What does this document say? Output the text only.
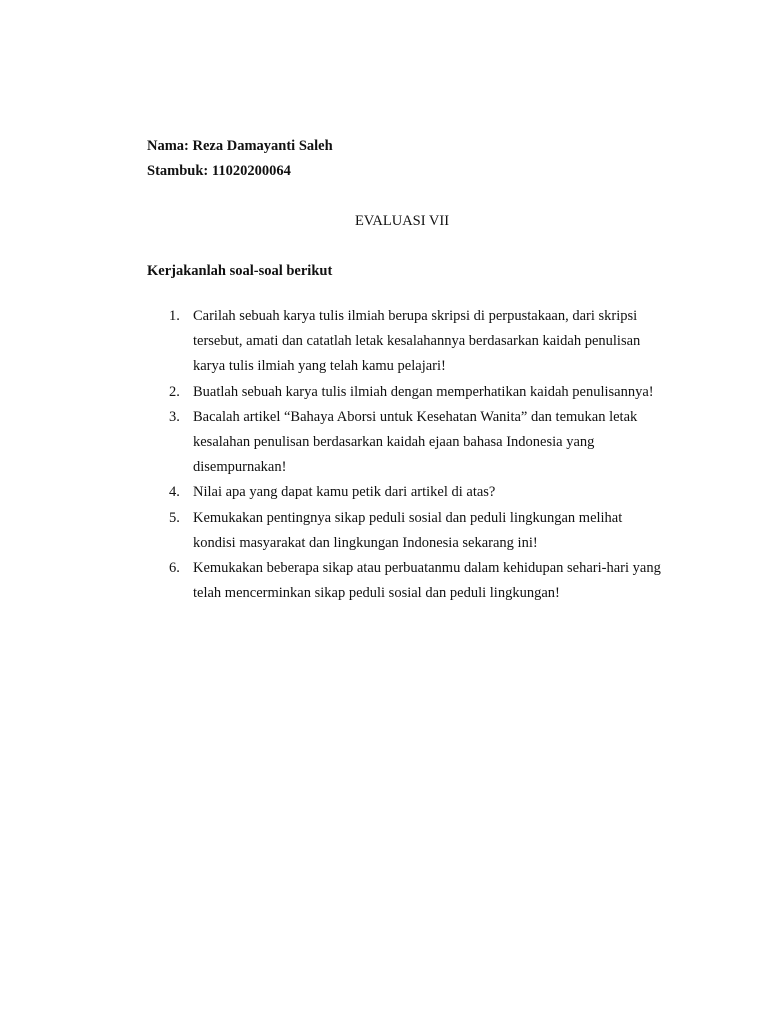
Nama: Reza Damayanti Saleh
Stambuk: 11020200064
EVALUASI VII
Kerjakanlah soal-soal berikut
1. Carilah sebuah karya tulis ilmiah berupa skripsi di perpustakaan, dari skripsi tersebut, amati dan catatlah letak kesalahannya berdasarkan kaidah penulisan karya tulis ilmiah yang telah kamu pelajari!
2. Buatlah sebuah karya tulis ilmiah dengan memperhatikan kaidah penulisannya!
3. Bacalah artikel “Bahaya Aborsi untuk Kesehatan Wanita” dan temukan letak kesalahan penulisan berdasarkan kaidah ejaan bahasa Indonesia yang disempurnakan!
4. Nilai apa yang dapat kamu petik dari artikel di atas?
5. Kemukakan pentingnya sikap peduli sosial dan peduli lingkungan melihat kondisi masyarakat dan lingkungan Indonesia sekarang ini!
6. Kemukakan beberapa sikap atau perbuatanmu dalam kehidupan sehari-hari yang telah mencerminkan sikap peduli sosial dan peduli lingkungan!
